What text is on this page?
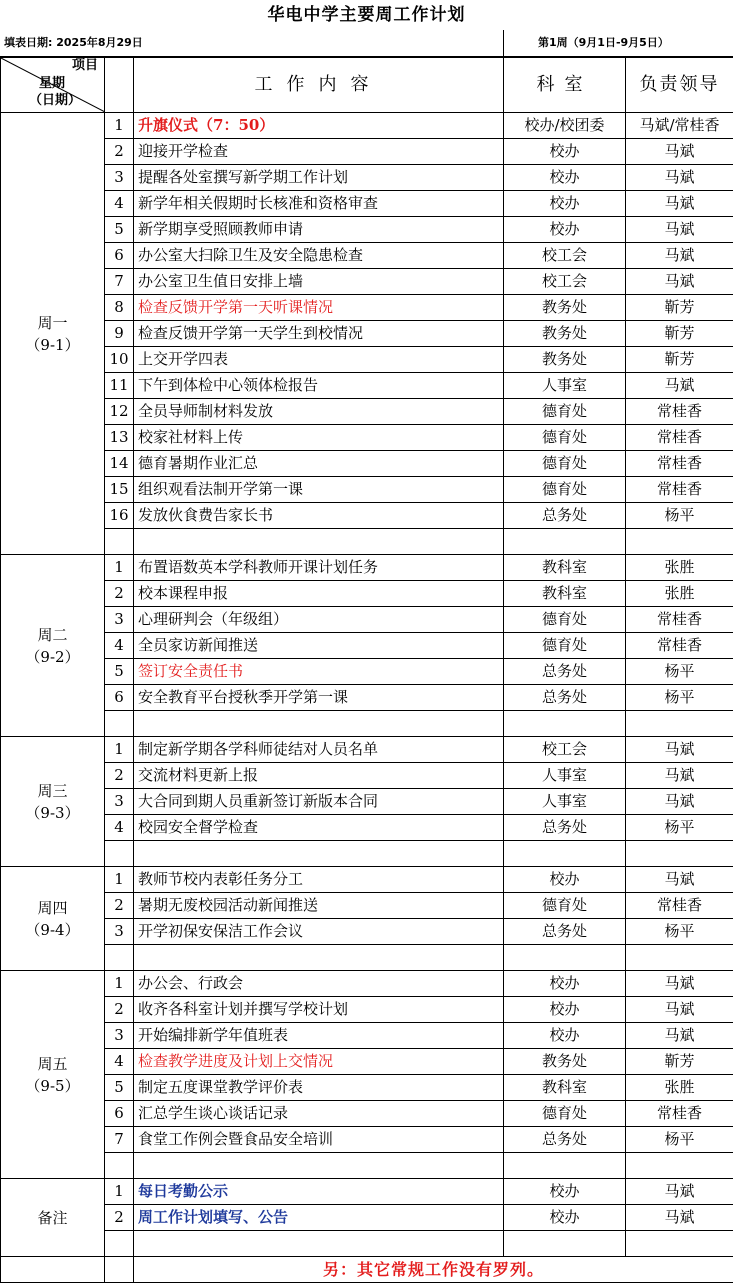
华电中学主要周工作计划
填表日期: 2025年8月29日	第1周（9月1日-9月5日）
项目
星期
（日期）		工作内容	科室	负责领导

周一
（9-1）	1	升旗仪式（7：50）	校办/校团委	马斌/常桂香
	2	迎接开学检查	校办	马斌
	3	提醒各处室撰写新学期工作计划	校办	马斌
	4	新学年相关假期时长核准和资格审查	校办	马斌
	5	新学期享受照顾教师申请	校办	马斌
	6	办公室大扫除卫生及安全隐患检查	校工会	马斌
	7	办公室卫生值日安排上墙	校工会	马斌
	8	检查反馈开学第一天听课情况	教务处	靳芳
	9	检查反馈开学第一天学生到校情况	教务处	靳芳
	10	上交开学四表	教务处	靳芳
	11	下午到体检中心领体检报告	人事室	马斌
	12	全员导师制材料发放	德育处	常桂香
	13	校家社材料上传	德育处	常桂香
	14	德育暑期作业汇总	德育处	常桂香
	15	组织观看法制开学第一课	德育处	常桂香
	16	发放伙食费告家长书	总务处	杨平

周二
（9-2）	1	布置语数英本学科教师开课计划任务	教科室	张胜
	2	校本课程申报	教科室	张胜
	3	心理研判会（年级组）	德育处	常桂香
	4	全员家访新闻推送	德育处	常桂香
	5	签订安全责任书	总务处	杨平
	6	安全教育平台授秋季开学第一课	总务处	杨平

周三
（9-3）	1	制定新学期各学科师徒结对人员名单	校工会	马斌
	2	交流材料更新上报	人事室	马斌
	3	大合同到期人员重新签订新版本合同	人事室	马斌
	4	校园安全督学检查	总务处	杨平

周四
（9-4）	1	教师节校内表彰任务分工	校办	马斌
	2	暑期无废校园活动新闻推送	德育处	常桂香
	3	开学初保安保洁工作会议	总务处	杨平

周五
（9-5）	1	办公会、行政会	校办	马斌
	2	收齐各科室计划并撰写学校计划	校办	马斌
	3	开始编排新学年值班表	校办	马斌
	4	检查教学进度及计划上交情况	教务处	靳芳
	5	制定五度课堂教学评价表	教科室	张胜
	6	汇总学生谈心谈话记录	德育处	常桂香
	7	食堂工作例会暨食品安全培训	总务处	杨平

备注	1	每日考勤公示	校办	马斌
	2	周工作计划填写、公告	校办	马斌

		另：其它常规工作没有罗列。		
